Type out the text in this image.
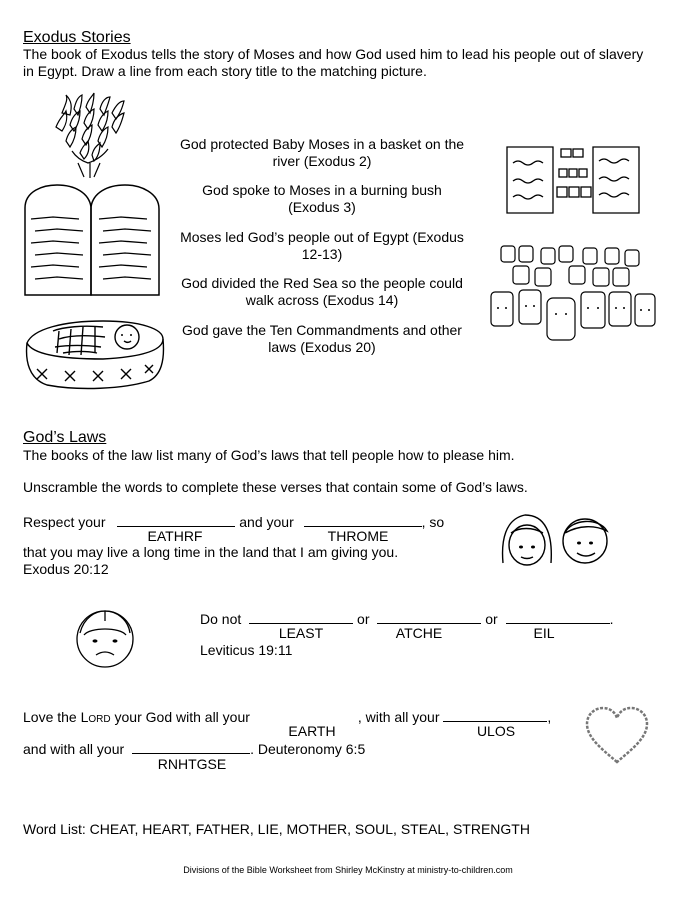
Exodus Stories
The book of Exodus tells the story of Moses and how God used him to lead his people out of slavery
in Egypt. Draw a line from each story title to the matching picture.
God protected Baby Moses in a basket on the
river (Exodus 2)
God spoke to Moses in a burning bush
(Exodus 3)
Moses led God’s people out of Egypt (Exodus
12-13)
God divided the Red Sea so the people could
walk across (Exodus 14)
God gave the Ten Commandments and other
laws (Exodus 20)
God’s Laws
The books of the law list many of God’s laws that tell people how to please him.
Unscramble the words to complete these verses that contain some of God’s laws.
Respect your	and your	, so
EATHRF	THROME
that you may live a long time in the land that I am giving you.
Exodus 20:12
Do not	or	or	.
LEAST	ATCHE	EIL
Leviticus 19:11
Love the Lord your God with all your	, with all your	,
EARTH	ULOS
and with all your	. Deuteronomy 6:5
RNHTGSE
Word List: CHEAT, HEART, FATHER, LIE, MOTHER, SOUL, STEAL, STRENGTH
Divisions of the Bible Worksheet from Shirley McKinstry at ministry-to-children.com
